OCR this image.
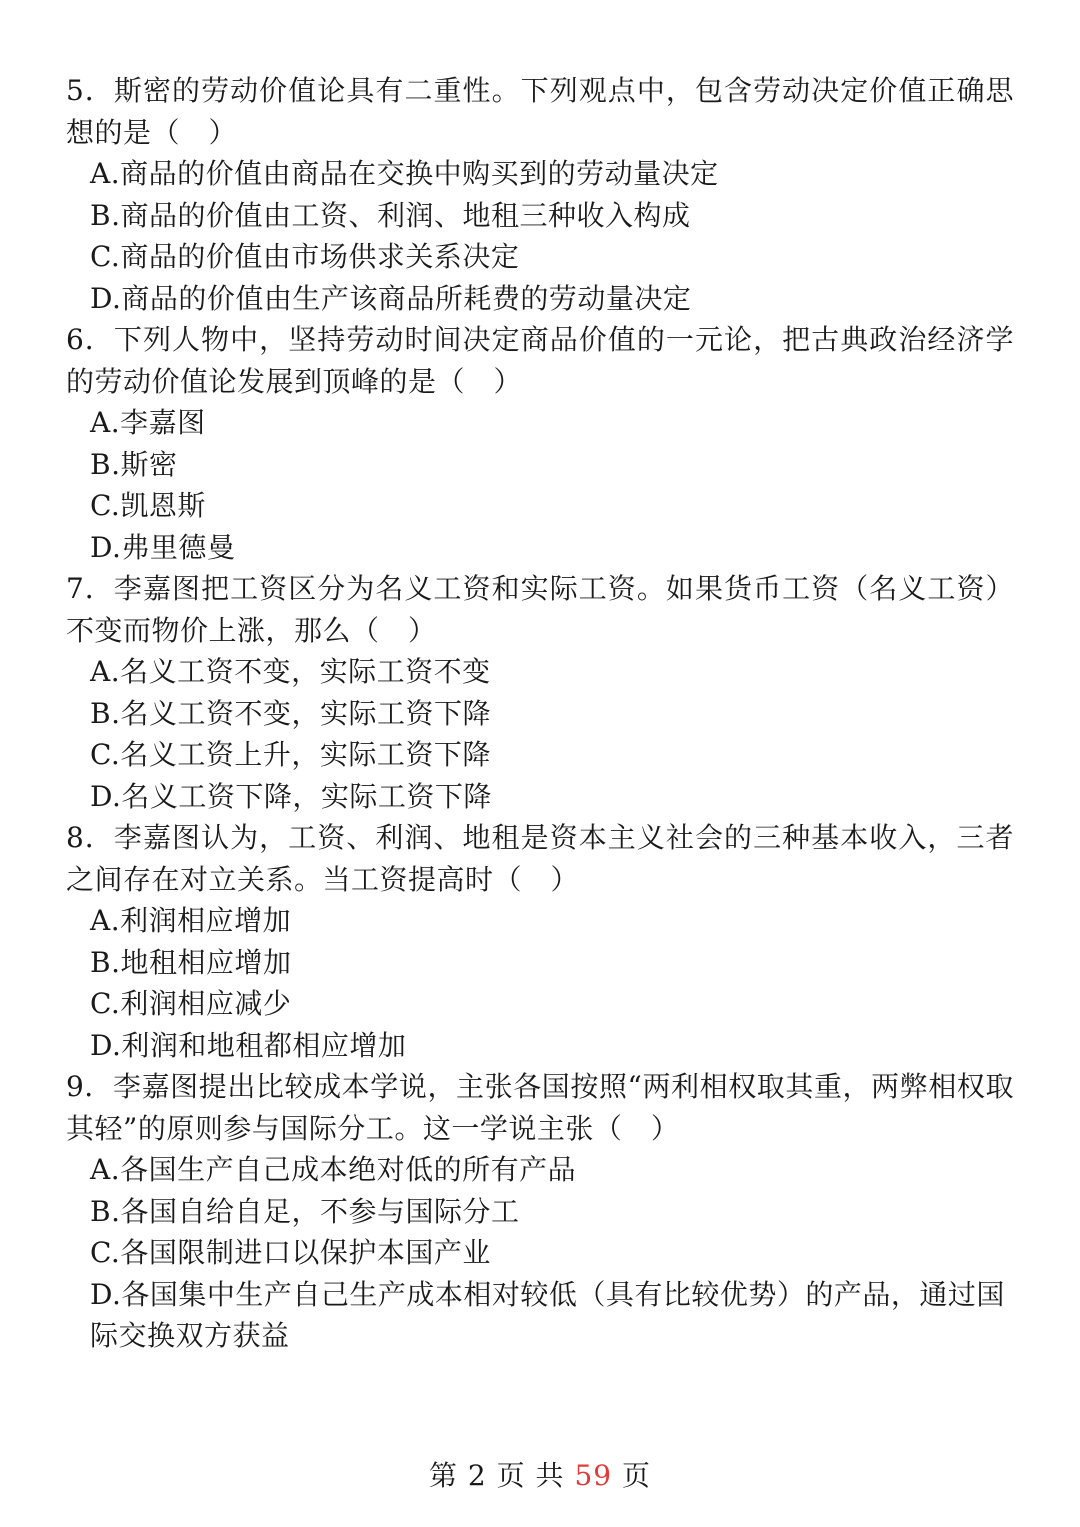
5．斯密的劳动价值论具有二重性。下列观点中，包含劳动决定价值正确思想的是（　）

A.商品的价值由商品在交换中购买到的劳动量决定
B.商品的价值由工资、利润、地租三种收入构成
C.商品的价值由市场供求关系决定
D.商品的价值由生产该商品所耗费的劳动量决定

6．下列人物中，坚持劳动时间决定商品价值的一元论，把古典政治经济学的劳动价值论发展到顶峰的是（　）

A.李嘉图
B.斯密
C.凯恩斯
D.弗里德曼

7．李嘉图把工资区分为名义工资和实际工资。如果货币工资（名义工资）不变而物价上涨，那么（　）

A.名义工资不变，实际工资不变
B.名义工资不变，实际工资下降
C.名义工资上升，实际工资下降
D.名义工资下降，实际工资下降

8．李嘉图认为，工资、利润、地租是资本主义社会的三种基本收入，三者之间存在对立关系。当工资提高时（　）

A.利润相应增加
B.地租相应增加
C.利润相应减少
D.利润和地租都相应增加

9．李嘉图提出比较成本学说，主张各国按照“两利相权取其重，两弊相权取其轻”的原则参与国际分工。这一学说主张（　）

A.各国生产自己成本绝对低的所有产品
B.各国自给自足，不参与国际分工
C.各国限制进口以保护本国产业
D.各国集中生产自己生产成本相对较低（具有比较优势）的产品，通过国际交换双方获益
第 2 页 共 59 页
